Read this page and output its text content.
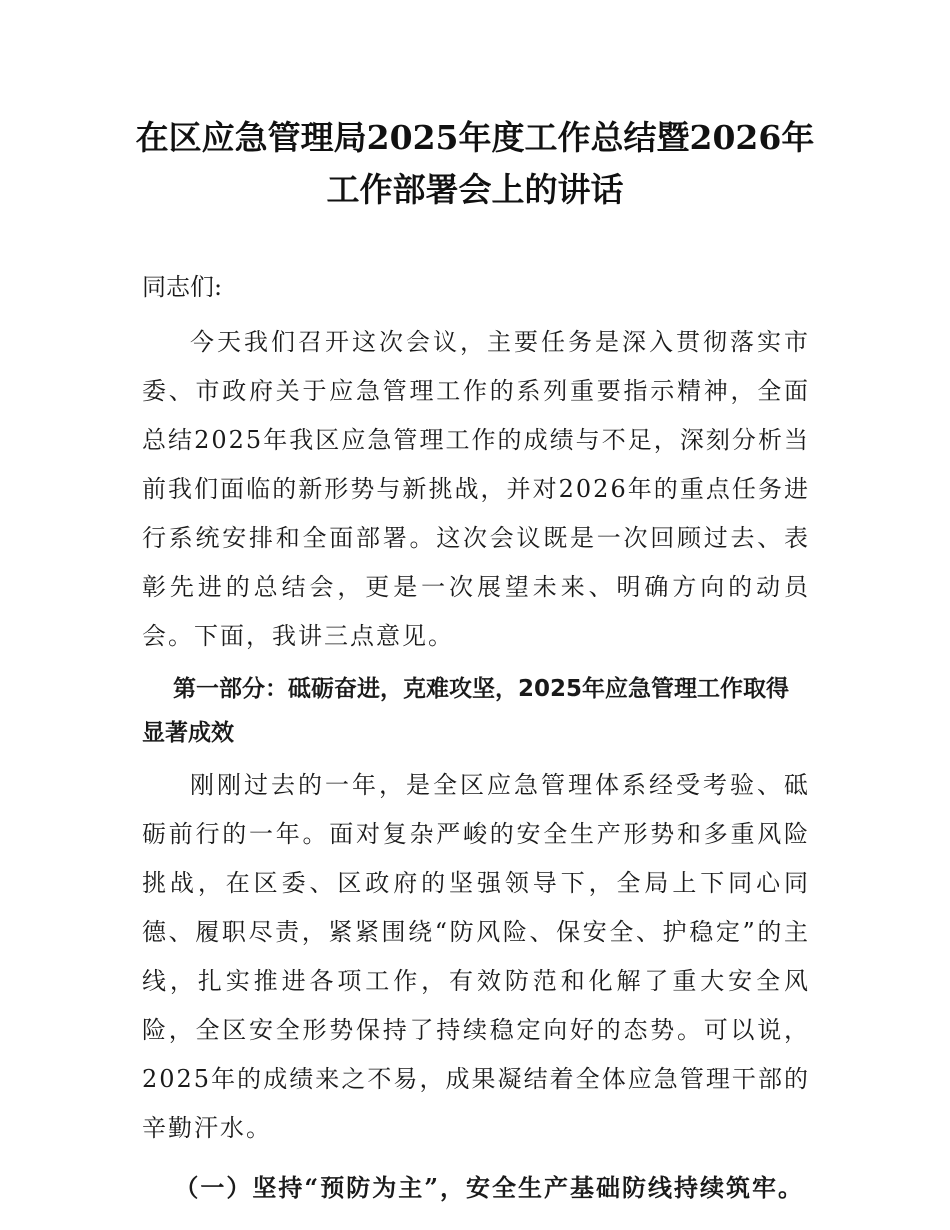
在区应急管理局2025年度工作总结暨2026年
工作部署会上的讲话
同志们:

今天我们召开这次会议，主要任务是深入贯彻落实市委、市政府关于应急管理工作的系列重要指示精神，全面总结2025年我区应急管理工作的成绩与不足，深刻分析当前我们面临的新形势与新挑战，并对2026年的重点任务进行系统安排和全面部署。这次会议既是一次回顾过去、表彰先进的总结会，更是一次展望未来、明确方向的动员会。下面，我讲三点意见。

第一部分：砥砺奋进，克难攻坚，2025年应急管理工作取得显著成效

刚刚过去的一年，是全区应急管理体系经受考验、砥砺前行的一年。面对复杂严峻的安全生产形势和多重风险挑战，在区委、区政府的坚强领导下，全局上下同心同德、履职尽责，紧紧围绕“防风险、保安全、护稳定”的主线，扎实推进各项工作，有效防范和化解了重大安全风险，全区安全形势保持了持续稳定向好的态势。可以说，2025年的成绩来之不易，成果凝结着全体应急管理干部的辛勤汗水。

（一）坚持“预防为主”，安全生产基础防线持续筑牢。
